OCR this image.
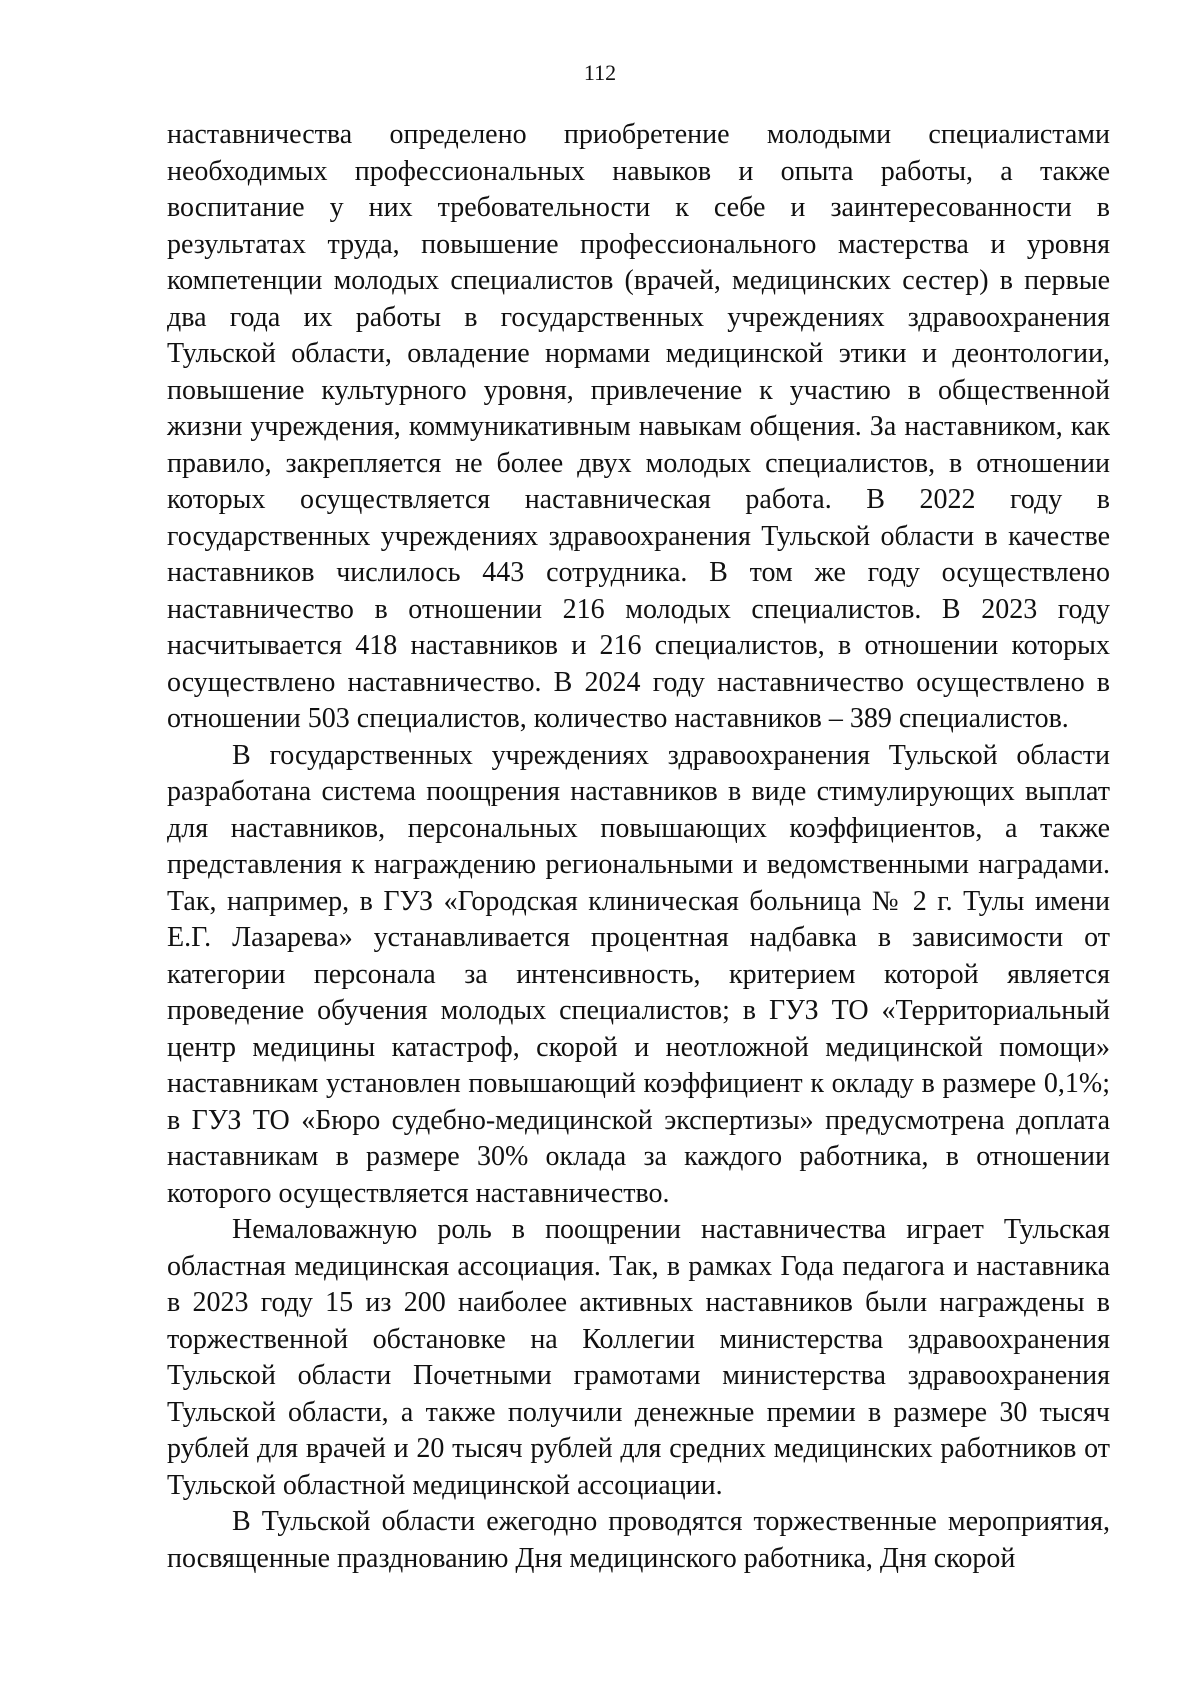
112

наставничества определено приобретение молодыми специалистами необходимых профессиональных навыков и опыта работы, а также воспитание у них требовательности к себе и заинтересованности в результатах труда, повышение профессионального мастерства и уровня компетенции молодых специалистов (врачей, медицинских сестер) в первые два года их работы в государственных учреждениях здравоохранения Тульской области, овладение нормами медицинской этики и деонтологии, повышение культурного уровня, привлечение к участию в общественной жизни учреждения, коммуникативным навыкам общения. За наставником, как правило, закрепляется не более двух молодых специалистов, в отношении которых осуществляется наставническая работа. В 2022 году в государственных учреждениях здравоохранения Тульской области в качестве наставников числилось 443 сотрудника. В том же году осуществлено наставничество в отношении 216 молодых специалистов. В 2023 году насчитывается 418 наставников и 216 специалистов, в отношении которых осуществлено наставничество. В 2024 году наставничество осуществлено в отношении 503 специалистов, количество наставников – 389 специалистов.

В государственных учреждениях здравоохранения Тульской области разработана система поощрения наставников в виде стимулирующих выплат для наставников, персональных повышающих коэффициентов, а также представления к награждению региональными и ведомственными наградами. Так, например, в ГУЗ «Городская клиническая больница № 2 г. Тулы имени Е.Г. Лазарева» устанавливается процентная надбавка в зависимости от категории персонала за интенсивность, критерием которой является проведение обучения молодых специалистов; в ГУЗ ТО «Территориальный центр медицины катастроф, скорой и неотложной медицинской помощи» наставникам установлен повышающий коэффициент к окладу в размере 0,1%; в ГУЗ ТО «Бюро судебно-медицинской экспертизы» предусмотрена доплата наставникам в размере 30% оклада за каждого работника, в отношении которого осуществляется наставничество.

Немаловажную роль в поощрении наставничества играет Тульская областная медицинская ассоциация. Так, в рамках Года педагога и наставника в 2023 году 15 из 200 наиболее активных наставников были награждены в торжественной обстановке на Коллегии министерства здравоохранения Тульской области Почетными грамотами министерства здравоохранения Тульской области, а также получили денежные премии в размере 30 тысяч рублей для врачей и 20 тысяч рублей для средних медицинских работников от Тульской областной медицинской ассоциации.

В Тульской области ежегодно проводятся торжественные мероприятия, посвященные празднованию Дня медицинского работника, Дня скорой
